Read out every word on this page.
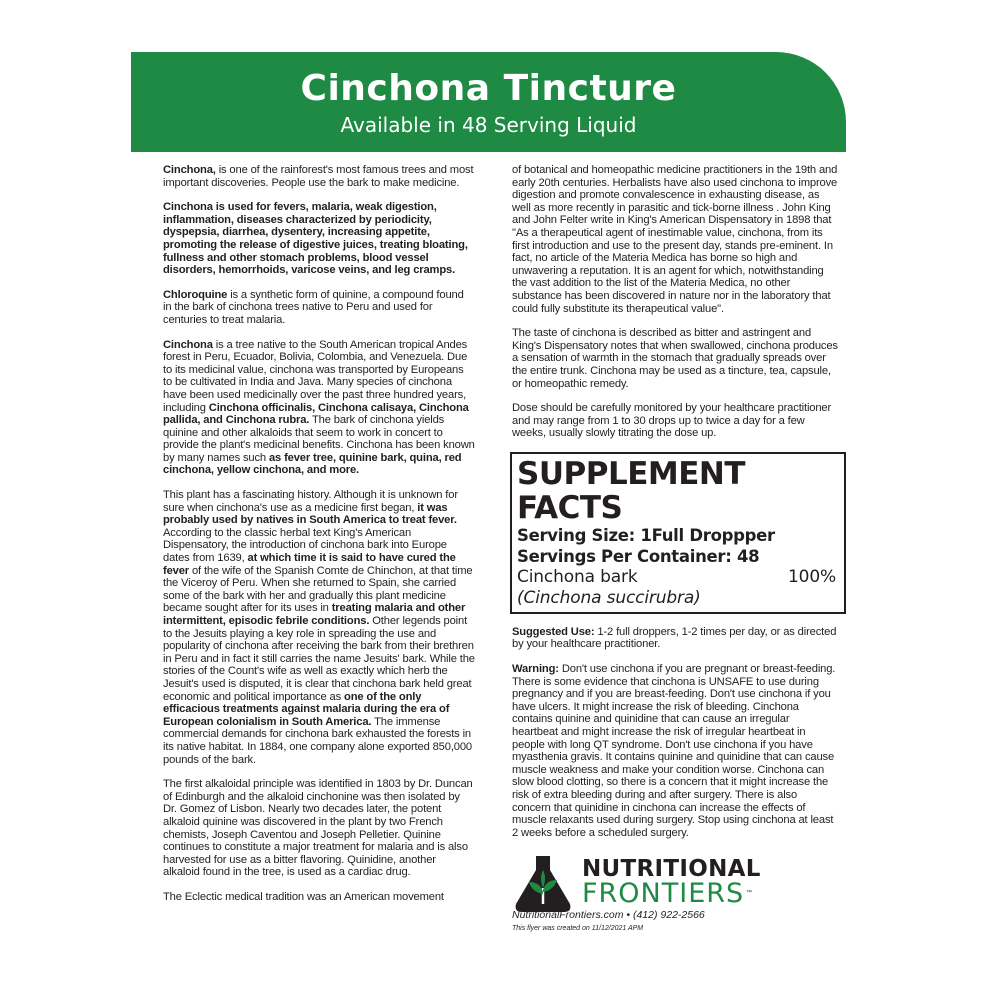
Cinchona Tincture
Available in 48 Serving Liquid

Cinchona, is one of the rainforest's most famous trees and most important discoveries. People use the bark to make medicine.

Cinchona is used for fevers, malaria, weak digestion, inflammation, diseases characterized by periodicity, dyspepsia, diarrhea, dysentery, increasing appetite, promoting the release of digestive juices, treating bloating, fullness and other stomach problems, blood vessel disorders, hemorrhoids, varicose veins, and leg cramps.

Chloroquine is a synthetic form of quinine, a compound found in the bark of cinchona trees native to Peru and used for centuries to treat malaria.

Cinchona is a tree native to the South American tropical Andes forest in Peru, Ecuador, Bolivia, Colombia, and Venezuela. Due to its medicinal value, cinchona was transported by Europeans to be cultivated in India and Java. Many species of cinchona have been used medicinally over the past three hundred years, including Cinchona officinalis, Cinchona calisaya, Cinchona pallida, and Cinchona rubra. The bark of cinchona yields quinine and other alkaloids that seem to work in concert to provide the plant's medicinal benefits. Cinchona has been known by many names such as fever tree, quinine bark, quina, red cinchona, yellow cinchona, and more.

This plant has a fascinating history. Although it is unknown for sure when cinchona's use as a medicine first began, it was probably used by natives in South America to treat fever. According to the classic herbal text King's American Dispensatory, the introduction of cinchona bark into Europe dates from 1639, at which time it is said to have cured the fever of the wife of the Spanish Comte de Chinchon, at that time the Viceroy of Peru. When she returned to Spain, she carried some of the bark with her and gradually this plant medicine became sought after for its uses in treating malaria and other intermittent, episodic febrile conditions. Other legends point to the Jesuits playing a key role in spreading the use and popularity of cinchona after receiving the bark from their brethren in Peru and in fact it still carries the name Jesuits' bark. While the stories of the Count's wife as well as exactly which herb the Jesuit's used is disputed, it is clear that cinchona bark held great economic and political importance as one of the only efficacious treatments against malaria during the era of European colonialism in South America. The immense commercial demands for cinchona bark exhausted the forests in its native habitat. In 1884, one company alone exported 850,000 pounds of the bark.

The first alkaloidal principle was identified in 1803 by Dr. Duncan of Edinburgh and the alkaloid cinchonine was then isolated by Dr. Gomez of Lisbon. Nearly two decades later, the potent alkaloid quinine was discovered in the plant by two French chemists, Joseph Caventou and Joseph Pelletier. Quinine continues to constitute a major treatment for malaria and is also harvested for use as a bitter flavoring. Quinidine, another alkaloid found in the tree, is used as a cardiac drug.

The Eclectic medical tradition was an American movement

of botanical and homeopathic medicine practitioners in the 19th and early 20th centuries. Herbalists have also used cinchona to improve digestion and promote convalescence in exhausting disease, as well as more recently in parasitic and tick-borne illness . John King and John Felter write in King's American Dispensatory in 1898 that "As a therapeutical agent of inestimable value, cinchona, from its first introduction and use to the present day, stands pre-eminent. In fact, no article of the Materia Medica has borne so high and unwavering a reputation. It is an agent for which, notwithstanding the vast addition to the list of the Materia Medica, no other substance has been discovered in nature nor in the laboratory that could fully substitute its therapeutical value".

The taste of cinchona is described as bitter and astringent and King's Dispensatory notes that when swallowed, cinchona produces a sensation of warmth in the stomach that gradually spreads over the entire trunk. Cinchona may be used as a tincture, tea, capsule, or homeopathic remedy.

Dose should be carefully monitored by your healthcare practitioner and may range from 1 to 30 drops up to twice a day for a few weeks, usually slowly titrating the dose up.

SUPPLEMENT FACTS
Serving Size: 1Full Droppper
Servings Per Container: 48
Cinchona bark	100%
(Cinchona succirubra)

Suggested Use: 1-2 full droppers, 1-2 times per day, or as directed by your healthcare practitioner.

Warning: Don't use cinchona if you are pregnant or breast-feeding. There is some evidence that cinchona is UNSAFE to use during pregnancy and if you are breast-feeding. Don't use cinchona if you have ulcers. It might increase the risk of bleeding. Cinchona contains quinine and quinidine that can cause an irregular heartbeat and might increase the risk of irregular heartbeat in people with long QT syndrome. Don't use cinchona if you have myasthenia gravis. It contains quinine and quinidine that can cause muscle weakness and make your condition worse. Cinchona can slow blood clotting, so there is a concern that it might increase the risk of extra bleeding during and after surgery. There is also concern that quinidine in cinchona can increase the effects of muscle relaxants used during surgery. Stop using cinchona at least 2 weeks before a scheduled surgery.

NUTRITIONAL
FRONTIERS ™
NutritionalFrontiers.com • (412) 922-2566
This flyer was created on 11/12/2021 APM
